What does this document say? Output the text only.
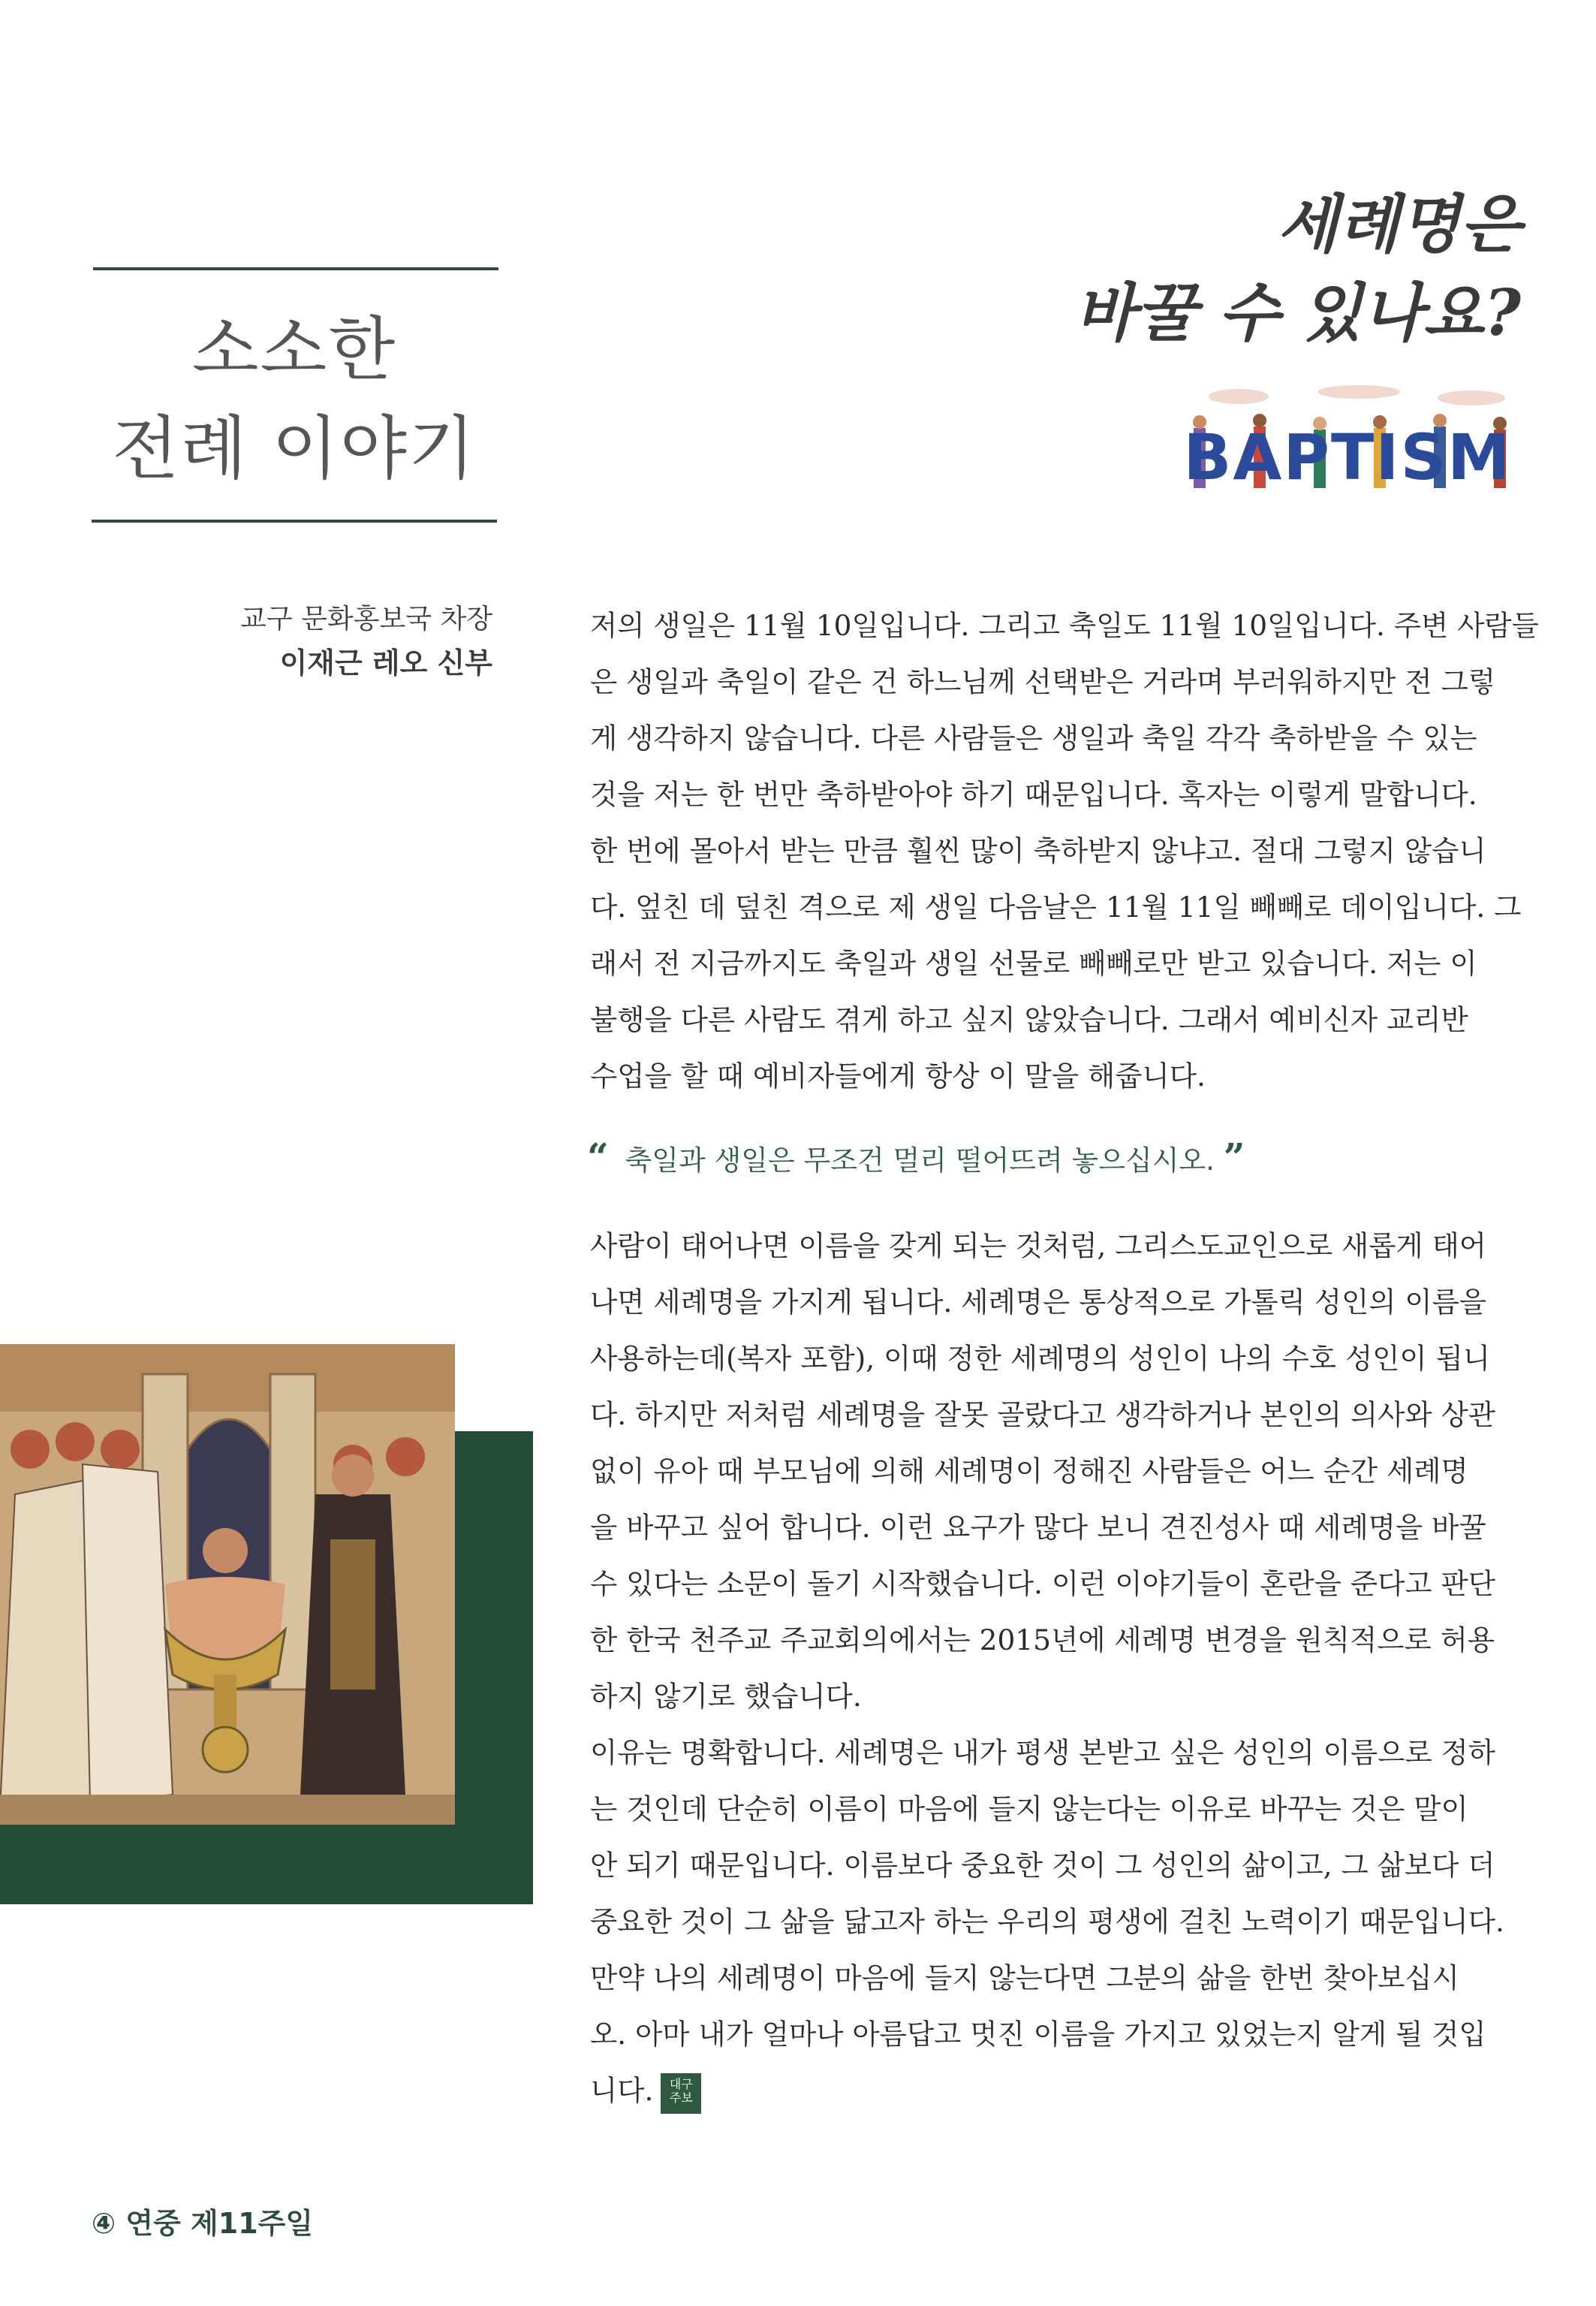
소소한
전례 이야기
세례명은
바꿀 수 있나요?
BAPTISM
교구 문화홍보국 차장
이재근 레오 신부
저의 생일은 11월 10일입니다. 그리고 축일도 11월 10일입니다. 주변 사람들
은 생일과 축일이 같은 건 하느님께 선택받은 거라며 부러워하지만 전 그렇
게 생각하지 않습니다. 다른 사람들은 생일과 축일 각각 축하받을 수 있는
것을 저는 한 번만 축하받아야 하기 때문입니다. 혹자는 이렇게 말합니다.
한 번에 몰아서 받는 만큼 훨씬 많이 축하받지 않냐고. 절대 그렇지 않습니
다. 엎친 데 덮친 격으로 제 생일 다음날은 11월 11일 빼빼로 데이입니다. 그
래서 전 지금까지도 축일과 생일 선물로 빼빼로만 받고 있습니다. 저는 이
불행을 다른 사람도 겪게 하고 싶지 않았습니다. 그래서 예비신자 교리반
수업을 할 때 예비자들에게 항상 이 말을 해줍니다.
“ 축일과 생일은 무조건 멀리 떨어뜨려 놓으십시오. ”
사람이 태어나면 이름을 갖게 되는 것처럼, 그리스도교인으로 새롭게 태어
나면 세례명을 가지게 됩니다. 세례명은 통상적으로 가톨릭 성인의 이름을
사용하는데(복자 포함), 이때 정한 세례명의 성인이 나의 수호 성인이 됩니
다. 하지만 저처럼 세례명을 잘못 골랐다고 생각하거나 본인의 의사와 상관
없이 유아 때 부모님에 의해 세례명이 정해진 사람들은 어느 순간 세례명
을 바꾸고 싶어 합니다. 이런 요구가 많다 보니 견진성사 때 세례명을 바꿀
수 있다는 소문이 돌기 시작했습니다. 이런 이야기들이 혼란을 준다고 판단
한 한국 천주교 주교회의에서는 2015년에 세례명 변경을 원칙적으로 허용
하지 않기로 했습니다.
이유는 명확합니다. 세례명은 내가 평생 본받고 싶은 성인의 이름으로 정하
는 것인데 단순히 이름이 마음에 들지 않는다는 이유로 바꾸는 것은 말이
안 되기 때문입니다. 이름보다 중요한 것이 그 성인의 삶이고, 그 삶보다 더
중요한 것이 그 삶을 닮고자 하는 우리의 평생에 걸친 노력이기 때문입니다.
만약 나의 세례명이 마음에 들지 않는다면 그분의 삶을 한번 찾아보십시
오. 아마 내가 얼마나 아름답고 멋진 이름을 가지고 있었는지 알게 될 것입
니다. 대구
주보
④ 연중 제11주일
